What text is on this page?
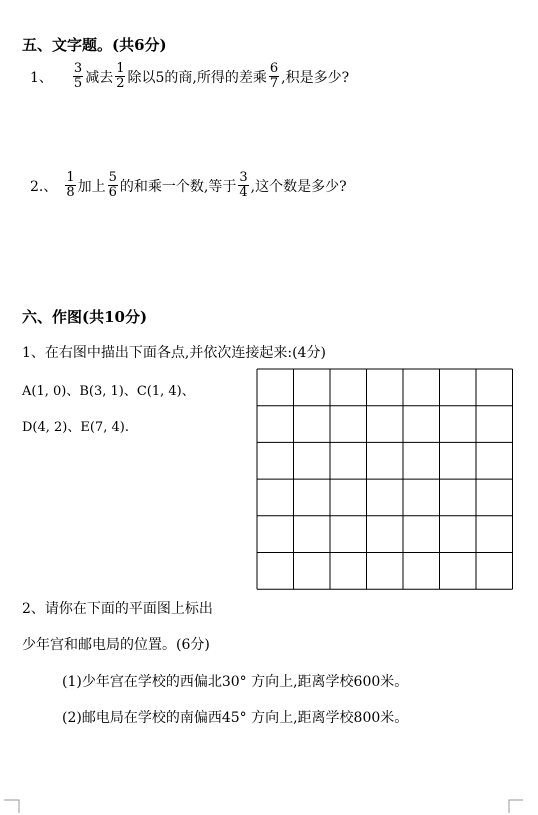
五、文字题。(共6分)
1、 $\frac{3}{5}$ 减去 $\frac{1}{2}$ 除以5的商,所得的差乘 $\frac{6}{7}$ ,积是多少?
2.、 $\frac{1}{8}$ 加上 $\frac{5}{6}$ 的和乘一个数,等于 $\frac{3}{4}$ ,这个数是多少?
六、作图(共10分)
1、在右图中描出下面各点,并依次连接起来:(4分)
A(1, 0)、B(3, 1)、C(1, 4)、
D(4, 2)、E(7, 4).
2、请你在下面的平面图上标出
少年宫和邮电局的位置。(6分)
(1)少年宫在学校的西偏北30° 方向上,距离学校600米。
(2)邮电局在学校的南偏西45° 方向上,距离学校800米。
